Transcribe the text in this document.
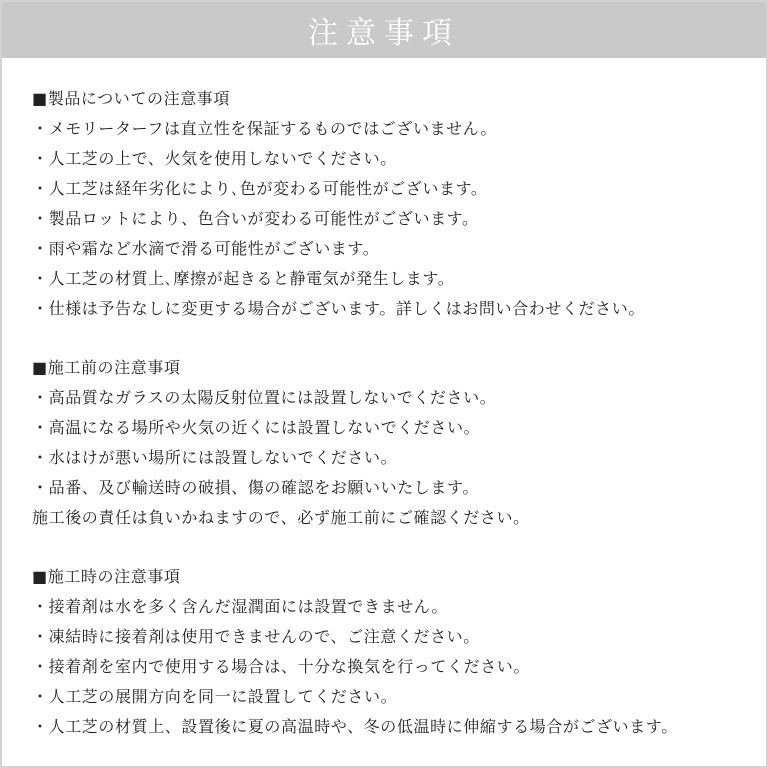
注意事項
■製品についての注意事項
・メモリーターフは直立性を保証するものではございません。
・人工芝の上で、火気を使用しないでください。
・人工芝は経年劣化により､色が変わる可能性がございます。
・製品ロットにより、色合いが変わる可能性がございます。
・雨や霜など水滴で滑る可能性がございます。
・人工芝の材質上､摩擦が起きると静電気が発生します。
・仕様は予告なしに変更する場合がございます。詳しくはお問い合わせください。
■施工前の注意事項
・高品質なガラスの太陽反射位置には設置しないでください。
・高温になる場所や火気の近くには設置しないでください。
・水はけが悪い場所には設置しないでください。
・品番、及び輸送時の破損、傷の確認をお願いいたします。
施工後の責任は負いかねますので、必ず施工前にご確認ください。
■施工時の注意事項
・接着剤は水を多く含んだ湿潤面には設置できません。
・凍結時に接着剤は使用できませんので、ご注意ください。
・接着剤を室内で使用する場合は、十分な換気を行ってください。
・人工芝の展開方向を同一に設置してください。
・人工芝の材質上、設置後に夏の高温時や、冬の低温時に伸縮する場合がございます。
